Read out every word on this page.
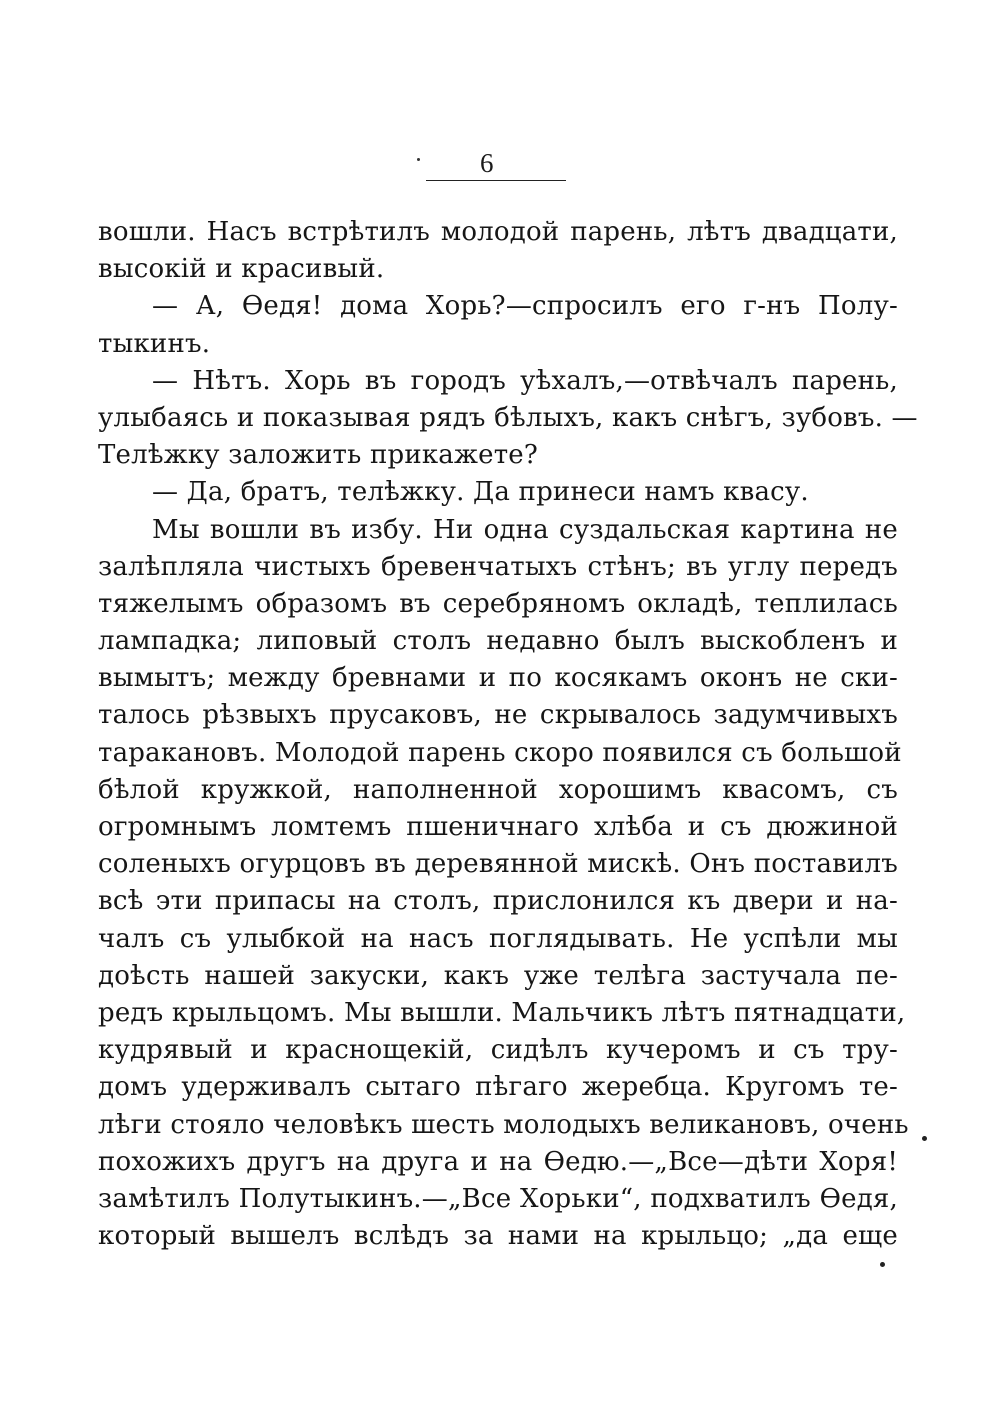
6
вошли. Насъ встрѣтилъ молодой парень, лѣтъ двадцати,
высокій и красивый.
— А, Ѳедя! дома Хорь?—спросилъ его г-нъ Полу-
тыкинъ.
— Нѣтъ. Хорь въ городъ уѣхалъ,—отвѣчалъ парень,
улыбаясь и показывая рядъ бѣлыхъ, какъ снѣгъ, зубовъ. —
Телѣжку заложить прикажете?
— Да, братъ, телѣжку. Да принеси намъ квасу.
Мы вошли въ избу. Ни одна суздальская картина не
залѣпляла чистыхъ бревенчатыхъ стѣнъ; въ углу передъ
тяжелымъ образомъ въ серебряномъ окладѣ, теплилась
лампадка; липовый столъ недавно былъ выскобленъ и
вымытъ; между бревнами и по косякамъ оконъ не ски-
талось рѣзвыхъ прусаковъ, не скрывалось задумчивыхъ
таракановъ. Молодой парень скоро появился съ большой
бѣлой кружкой, наполненной хорошимъ квасомъ, съ
огромнымъ ломтемъ пшеничнаго хлѣба и съ дюжиной
соленыхъ огурцовъ въ деревянной мискѣ. Онъ поставилъ
всѣ эти припасы на столъ, прислонился къ двери и на-
чалъ съ улыбкой на насъ поглядывать. Не успѣли мы
доѣсть нашей закуски, какъ уже телѣга застучала пе-
редъ крыльцомъ. Мы вышли. Мальчикъ лѣтъ пятнадцати,
кудрявый и краснощекій, сидѣлъ кучеромъ и съ тру-
домъ удерживалъ сытаго пѣгаго жеребца. Кругомъ те-
лѣги стояло человѣкъ шесть молодыхъ великановъ, очень
похожихъ другъ на друга и на Ѳедю.—„Все—дѣти Хоря!
замѣтилъ Полутыкинъ.—„Все Хорьки“, подхватилъ Ѳедя,
который вышелъ вслѣдъ за нами на крыльцо; „да еще
